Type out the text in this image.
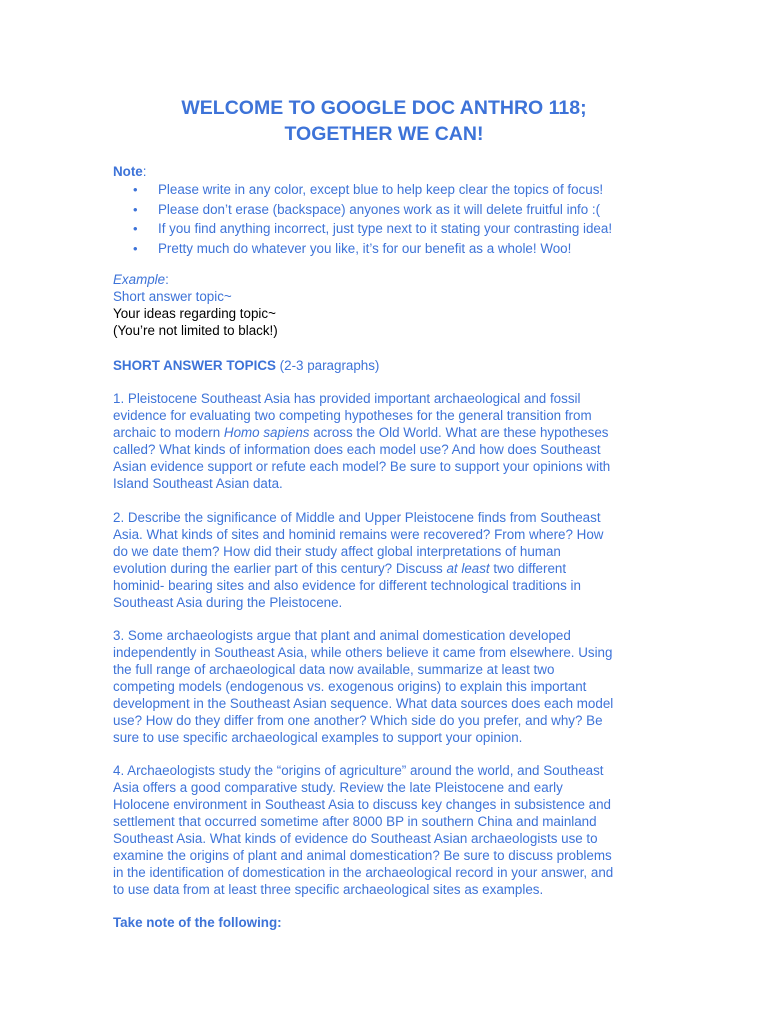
WELCOME TO GOOGLE DOC ANTHRO 118;
TOGETHER WE CAN!
Note:
• Please write in any color, except blue to help keep clear the topics of focus!
• Please don’t erase (backspace) anyones work as it will delete fruitful info :(
• If you find anything incorrect, just type next to it stating your contrasting idea!
• Pretty much do whatever you like, it’s for our benefit as a whole! Woo!
Example:
Short answer topic~
Your ideas regarding topic~
(You’re not limited to black!)
SHORT ANSWER TOPICS (2-3 paragraphs)
1. Pleistocene Southeast Asia has provided important archaeological and fossil
evidence for evaluating two competing hypotheses for the general transition from
archaic to modern Homo sapiens across the Old World. What are these hypotheses
called? What kinds of information does each model use? And how does Southeast
Asian evidence support or refute each model? Be sure to support your opinions with
Island Southeast Asian data.
2. Describe the significance of Middle and Upper Pleistocene finds from Southeast
Asia. What kinds of sites and hominid remains were recovered? From where? How
do we date them? How did their study affect global interpretations of human
evolution during the earlier part of this century? Discuss at least two different
hominid- bearing sites and also evidence for different technological traditions in
Southeast Asia during the Pleistocene.
3. Some archaeologists argue that plant and animal domestication developed
independently in Southeast Asia, while others believe it came from elsewhere. Using
the full range of archaeological data now available, summarize at least two
competing models (endogenous vs. exogenous origins) to explain this important
development in the Southeast Asian sequence. What data sources does each model
use? How do they differ from one another? Which side do you prefer, and why? Be
sure to use specific archaeological examples to support your opinion.
4. Archaeologists study the “origins of agriculture” around the world, and Southeast
Asia offers a good comparative study. Review the late Pleistocene and early
Holocene environment in Southeast Asia to discuss key changes in subsistence and
settlement that occurred sometime after 8000 BP in southern China and mainland
Southeast Asia. What kinds of evidence do Southeast Asian archaeologists use to
examine the origins of plant and animal domestication? Be sure to discuss problems
in the identification of domestication in the archaeological record in your answer, and
to use data from at least three specific archaeological sites as examples.
Take note of the following:
